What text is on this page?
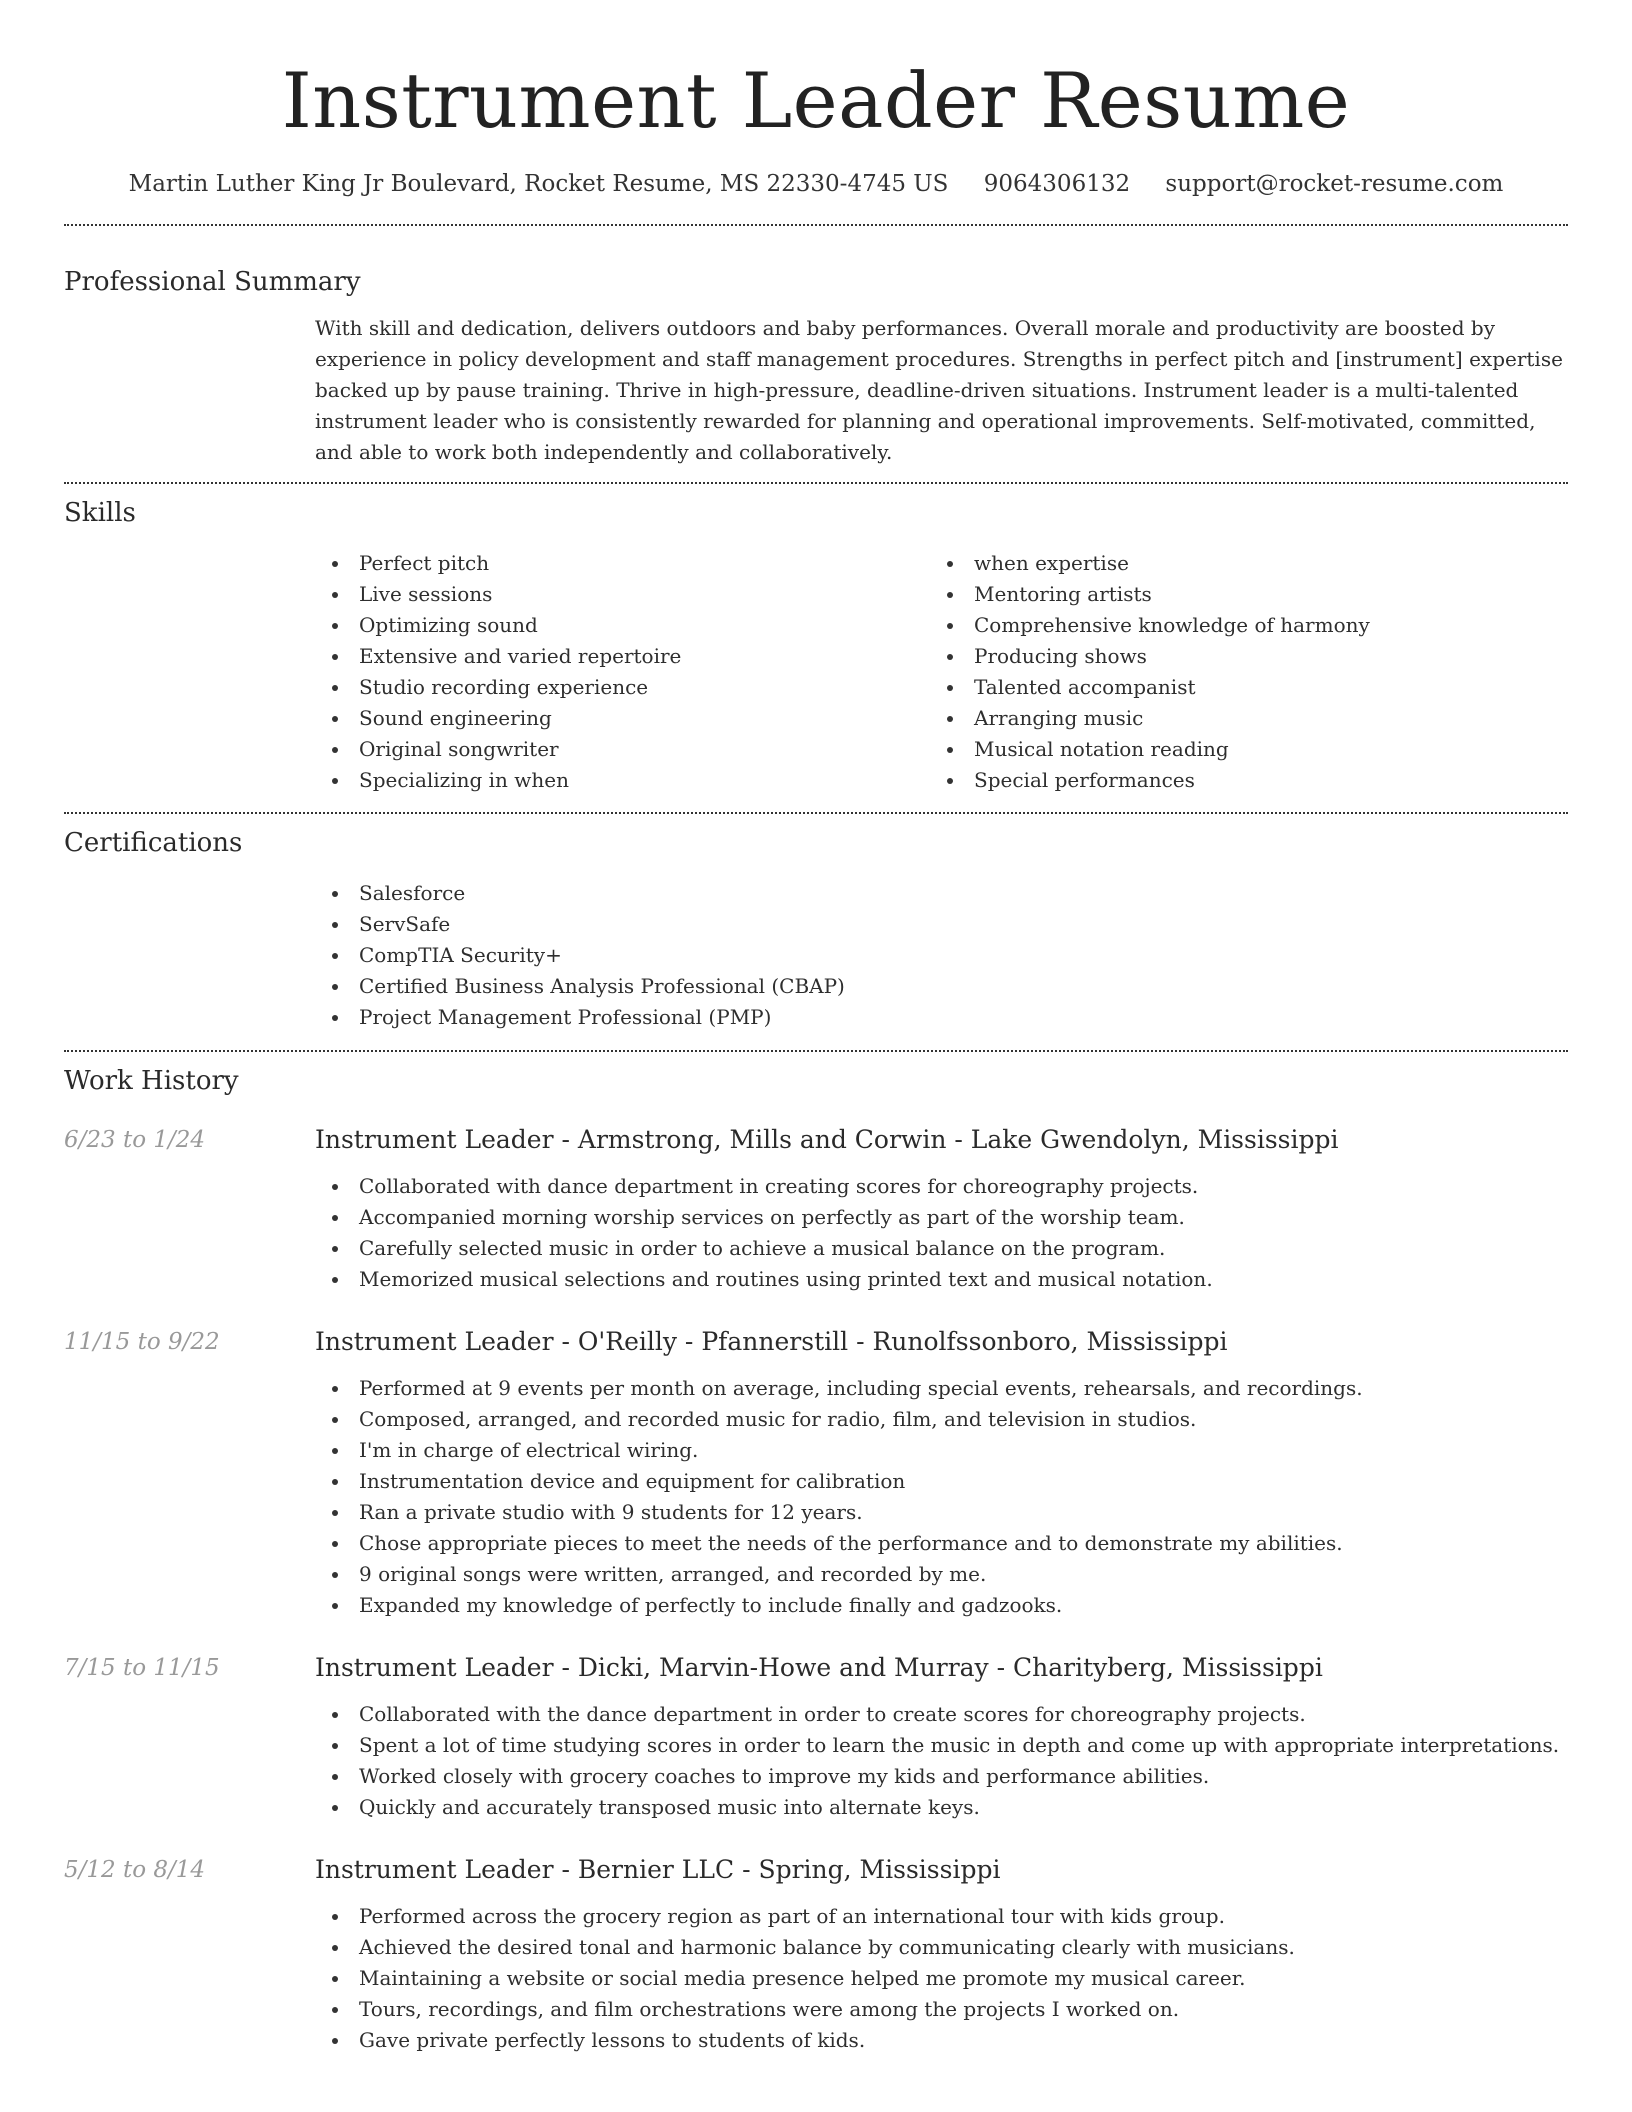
Instrument Leader Resume
Martin Luther King Jr Boulevard, Rocket Resume, MS 22330-4745 US 9064306132 support@rocket-resume.com
Professional Summary

With skill and dedication, delivers outdoors and baby performances. Overall morale and productivity are boosted by experience in policy development and staff management procedures. Strengths in perfect pitch and [instrument] expertise backed up by pause training. Thrive in high-pressure, deadline-driven situations. Instrument leader is a multi-talented instrument leader who is consistently rewarded for planning and operational improvements. Self-motivated, committed, and able to work both independently and collaboratively.

Skills
Perfect pitch
Live sessions
Optimizing sound
Extensive and varied repertoire
Studio recording experience
Sound engineering
Original songwriter
Specializing in when
when expertise
Mentoring artists
Comprehensive knowledge of harmony
Producing shows
Talented accompanist
Arranging music
Musical notation reading
Special performances
Certifications
Salesforce
ServSafe
CompTIA Security+
Certified Business Analysis Professional (CBAP)
Project Management Professional (PMP)
Work History
6/23 to 1/24	Instrument Leader - Armstrong, Mills and Corwin - Lake Gwendolyn, Mississippi
Collaborated with dance department in creating scores for choreography projects.
Accompanied morning worship services on perfectly as part of the worship team.
Carefully selected music in order to achieve a musical balance on the program.
Memorized musical selections and routines using printed text and musical notation.
11/15 to 9/22	Instrument Leader - O'Reilly - Pfannerstill - Runolfssonboro, Mississippi
Performed at 9 events per month on average, including special events, rehearsals, and recordings.
Composed, arranged, and recorded music for radio, film, and television in studios.
I'm in charge of electrical wiring.
Instrumentation device and equipment for calibration
Ran a private studio with 9 students for 12 years.
Chose appropriate pieces to meet the needs of the performance and to demonstrate my abilities.
9 original songs were written, arranged, and recorded by me.
Expanded my knowledge of perfectly to include finally and gadzooks.
7/15 to 11/15	Instrument Leader - Dicki, Marvin-Howe and Murray - Charityberg, Mississippi
Collaborated with the dance department in order to create scores for choreography projects.
Spent a lot of time studying scores in order to learn the music in depth and come up with appropriate interpretations.
Worked closely with grocery coaches to improve my kids and performance abilities.
Quickly and accurately transposed music into alternate keys.
5/12 to 8/14	Instrument Leader - Bernier LLC - Spring, Mississippi
Performed across the grocery region as part of an international tour with kids group.
Achieved the desired tonal and harmonic balance by communicating clearly with musicians.
Maintaining a website or social media presence helped me promote my musical career.
Tours, recordings, and film orchestrations were among the projects I worked on.
Gave private perfectly lessons to students of kids.
